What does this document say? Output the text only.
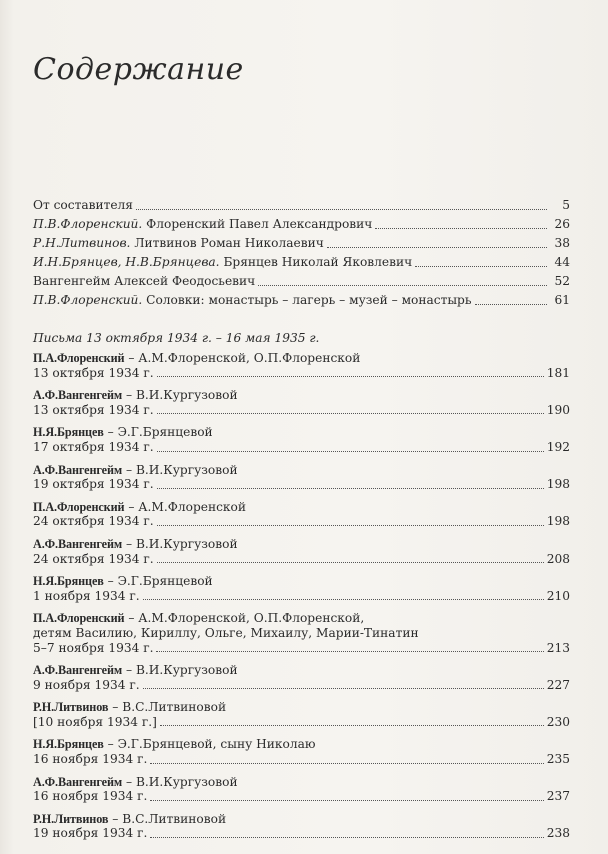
Содержание
От составителя	5
П.В.Флоренский. Флоренский Павел Александрович	26
Р.Н.Литвинов. Литвинов Роман Николаевич	38
И.Н.Брянцев, Н.В.Брянцева. Брянцев Николай Яковлевич	44
Вангенгейм Алексей Феодосьевич	52
П.В.Флоренский. Соловки: монастырь – лагерь – музей – монастырь	61
Письма 13 октября 1934 г. – 16 мая 1935 г.
П.А.Флоренский – А.М.Флоренской, О.П.Флоренской
13 октября 1934 г.	181
А.Ф.Вангенгейм – В.И.Кургузовой
13 октября 1934 г.	190
Н.Я.Брянцев – Э.Г.Брянцевой
17 октября 1934 г.	192
А.Ф.Вангенгейм – В.И.Кургузовой
19 октября 1934 г.	198
П.А.Флоренский – А.М.Флоренской
24 октября 1934 г.	198
А.Ф.Вангенгейм – В.И.Кургузовой
24 октября 1934 г.	208
Н.Я.Брянцев – Э.Г.Брянцевой
1 ноября 1934 г.	210
П.А.Флоренский – А.М.Флоренской, О.П.Флоренской,
детям Василию, Кириллу, Ольге, Михаилу, Марии-Тинатин
5–7 ноября 1934 г.	213
А.Ф.Вангенгейм – В.И.Кургузовой
9 ноября 1934 г.	227
Р.Н.Литвинов – В.С.Литвиновой
[10 ноября 1934 г.]	230
Н.Я.Брянцев – Э.Г.Брянцевой, сыну Николаю
16 ноября 1934 г.	235
А.Ф.Вангенгейм – В.И.Кургузовой
16 ноября 1934 г.	237
Р.Н.Литвинов – В.С.Литвиновой
19 ноября 1934 г.	238
